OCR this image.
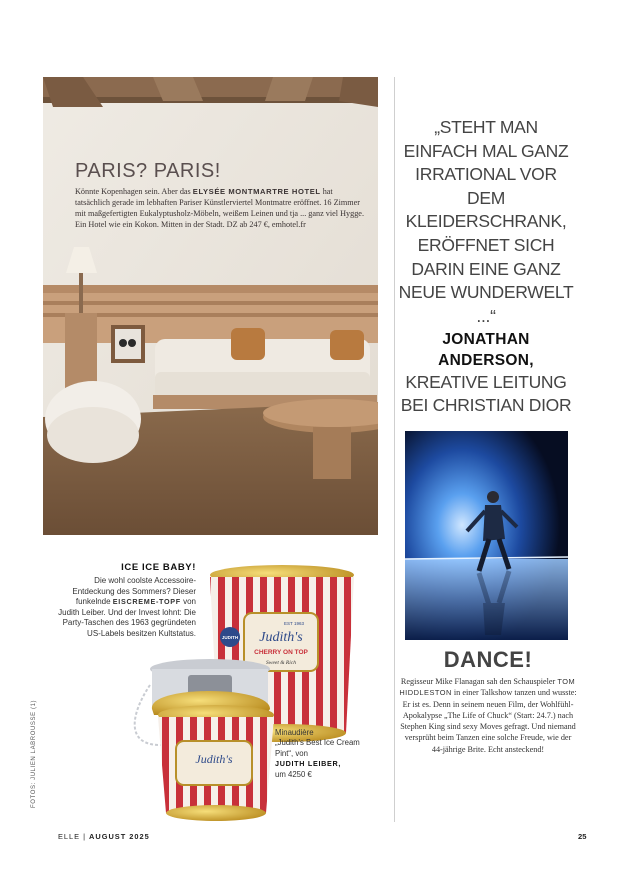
PARIS? PARIS!

Könnte Kopenhagen sein. Aber das ELYSÉE MONTMARTRE HOTEL hat tatsächlich gerade im lebhaften Pariser Künstlerviertel Montmatre eröffnet. 16 Zimmer mit maßgefertigten Eukalyptusholz-Möbeln, weißem Leinen und tja ... ganz viel Hygge. Ein Hotel wie ein Kokon. Mitten in der Stadt. DZ ab 247 €, emhotel.fr

„STEHT MAN EINFACH MAL GANZ IRRATIONAL VOR DEM KLEIDERSCHRANK, ERÖFFNET SICH DARIN EINE GANZ NEUE WUNDERWELT ...“

JONATHAN ANDERSON,

KREATIVE LEITUNG BEI CHRISTIAN DIOR

DANCE!

Regisseur Mike Flanagan sah den Schauspieler TOM HIDDLESTON in einer Talkshow tanzen und wusste: Er ist es. Denn in seinem neuen Film, der Wohlfühl-Apokalypse „The Life of Chuck“ (Start: 24.7.) nach Stephen King sind sexy Moves gefragt. Und niemand versprüht beim Tanzen eine solche Freude, wie der 44-jährige Brite. Echt ansteckend!

ICE ICE BABY!

Die wohl coolste Accessoire-Entdeckung des Sommers? Dieser funkelnde EISCREME-TOPF von Judith Leiber. Und der Invest lohnt: Die Party-Taschen des 1963 gegründeten US-Labels besitzen Kultstatus.	Judith's
CHERRY ON TOP
Sweet & Rich
EST 1963
JUDITH
Judith's

Minaudière

„Judith’s Best Ice Cream Pint“, von

JUDITH LEIBER,

um 4250 €

FOTOS: JULIEN LABROUSSE (1)
ELLE | AUGUST 2025	25
